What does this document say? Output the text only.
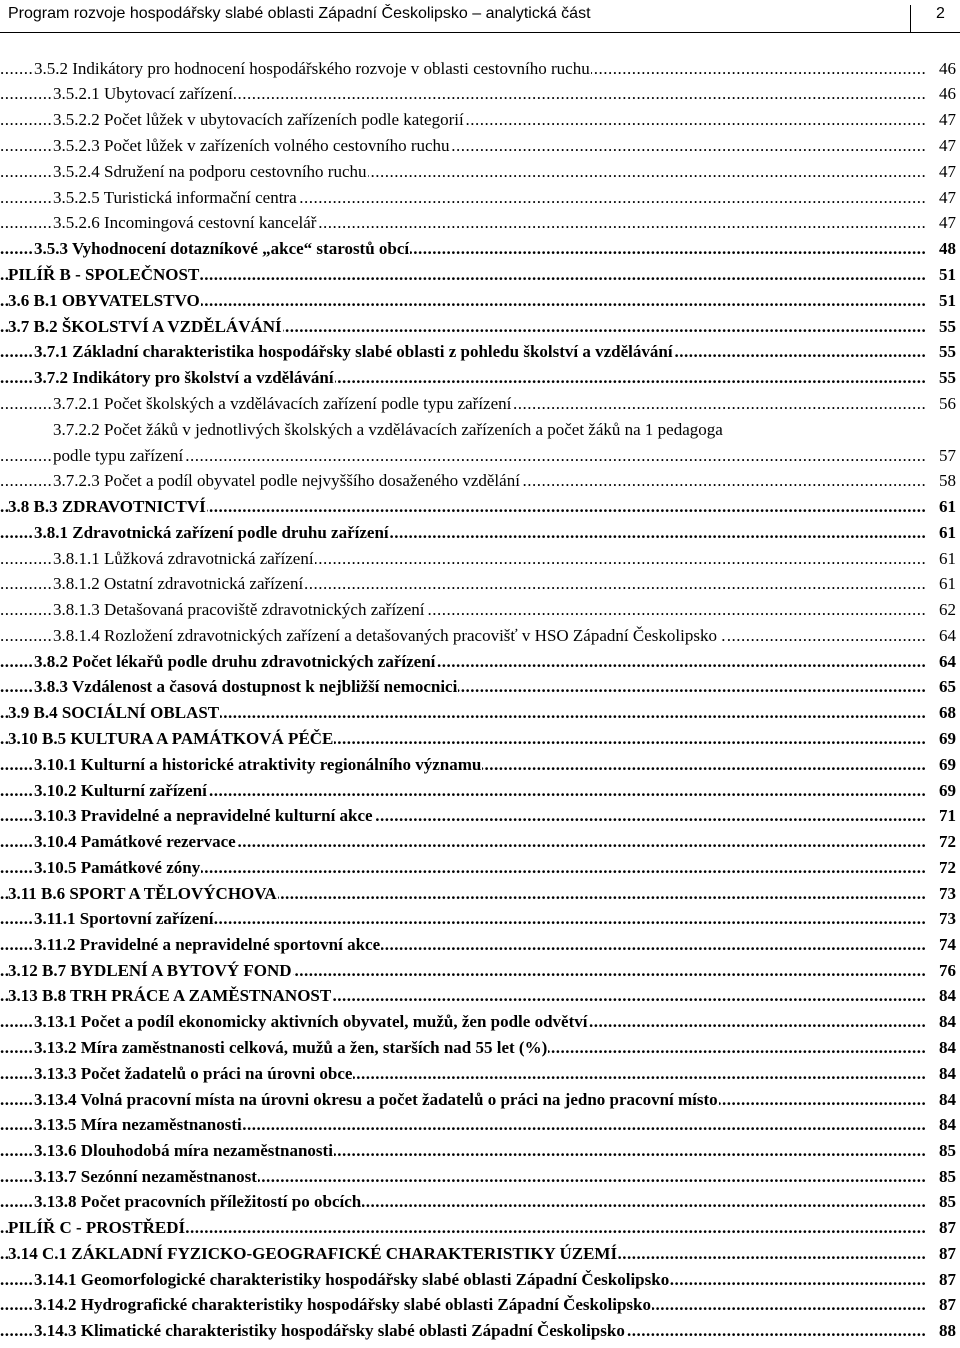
Program rozvoje hospodářsky slabé oblasti Západní Českolipsko – analytická část	2
.....
3.5.2 Indikátory pro hodnocení hospodářského rozvoje v oblasti cestovního ruchu	46
.....
3.5.2.1 Ubytovací zařízení	46
.....
3.5.2.2 Počet lůžek v ubytovacích zařízeních podle kategorií	47
.....
3.5.2.3 Počet lůžek v zařízeních volného cestovního ruchu	47
.....
3.5.2.4 Sdružení na podporu cestovního ruchu	47
.....
3.5.2.5 Turistická informační centra	47
.....
3.5.2.6 Incomingová cestovní kancelář	47
.....
3.5.3 Vyhodnocení dotazníkové „akce“ starostů obcí	48
.....
PILÍŘ B - SPOLEČNOST	51
.....
3.6 B.1 OBYVATELSTVO	51
.....
3.7 B.2 ŠKOLSTVÍ A VZDĚLÁVÁNÍ	55
.....
3.7.1 Základní charakteristika hospodářsky slabé oblasti z pohledu školství a vzdělávání	55
.....
3.7.2 Indikátory pro školství a vzdělávání	55
.....
3.7.2.1 Počet školských a vzdělávacích zařízení podle typu zařízení	56
3.7.2.2 Počet žáků v jednotlivých školských a vzdělávacích zařízeních a počet žáků na 1 pedagoga
.....
podle typu zařízení	57
.....
3.7.2.3 Počet a podíl obyvatel podle nejvyššího dosaženého vzdělání	58
.....
3.8 B.3 ZDRAVOTNICTVÍ	61
.....
3.8.1 Zdravotnická zařízení podle druhu zařízení	61
.....
3.8.1.1 Lůžková zdravotnická zařízení	61
.....
3.8.1.2 Ostatní zdravotnická zařízení	61
.....
3.8.1.3 Detašovaná pracoviště zdravotnických zařízení	62
.....
3.8.1.4 Rozložení zdravotnických zařízení a detašovaných pracovišť v HSO Západní Českolipsko .	64
.....
3.8.2 Počet lékařů podle druhu zdravotnických zařízení	64
.....
3.8.3 Vzdálenost a časová dostupnost k nejbližší nemocnici	65
.....
3.9 B.4 SOCIÁLNÍ OBLAST	68
.....
3.10 B.5 KULTURA A PAMÁTKOVÁ PÉČE	69
.....
3.10.1 Kulturní a historické atraktivity regionálního významu	69
.....
3.10.2 Kulturní zařízení	69
.....
3.10.3 Pravidelné a nepravidelné kulturní akce	71
.....
3.10.4 Památkové rezervace	72
.....
3.10.5 Památkové zóny	72
.....
3.11 B.6 SPORT A TĚLOVÝCHOVA	73
.....
3.11.1 Sportovní zařízení	73
.....
3.11.2 Pravidelné a nepravidelné sportovní akce	74
.....
3.12 B.7 BYDLENÍ A BYTOVÝ FOND	76
.....
3.13 B.8 TRH PRÁCE A ZAMĚSTNANOST	84
.....
3.13.1 Počet a podíl ekonomicky aktivních obyvatel, mužů, žen podle odvětví	84
.....
3.13.2 Míra zaměstnanosti celková, mužů a žen, starších nad 55 let (%)	84
.....
3.13.3 Počet žadatelů o práci na úrovni obce	84
.....
3.13.4 Volná pracovní místa na úrovni okresu a počet žadatelů o práci na jedno pracovní místo	84
.....
3.13.5 Míra nezaměstnanosti	84
.....
3.13.6 Dlouhodobá míra nezaměstnanosti	85
.....
3.13.7 Sezónní nezaměstnanost	85
.....
3.13.8 Počet pracovních příležitostí po obcích	85
.....
PILÍŘ C - PROSTŘEDÍ	87
.....
3.14 C.1 ZÁKLADNÍ FYZICKO-GEOGRAFICKÉ CHARAKTERISTIKY ÚZEMÍ	87
.....
3.14.1 Geomorfologické charakteristiky hospodářsky slabé oblasti Západní Českolipsko	87
.....
3.14.2 Hydrografické charakteristiky hospodářsky slabé oblasti Západní Českolipsko	87
.....
3.14.3 Klimatické charakteristiky hospodářsky slabé oblasti Západní Českolipsko	88
